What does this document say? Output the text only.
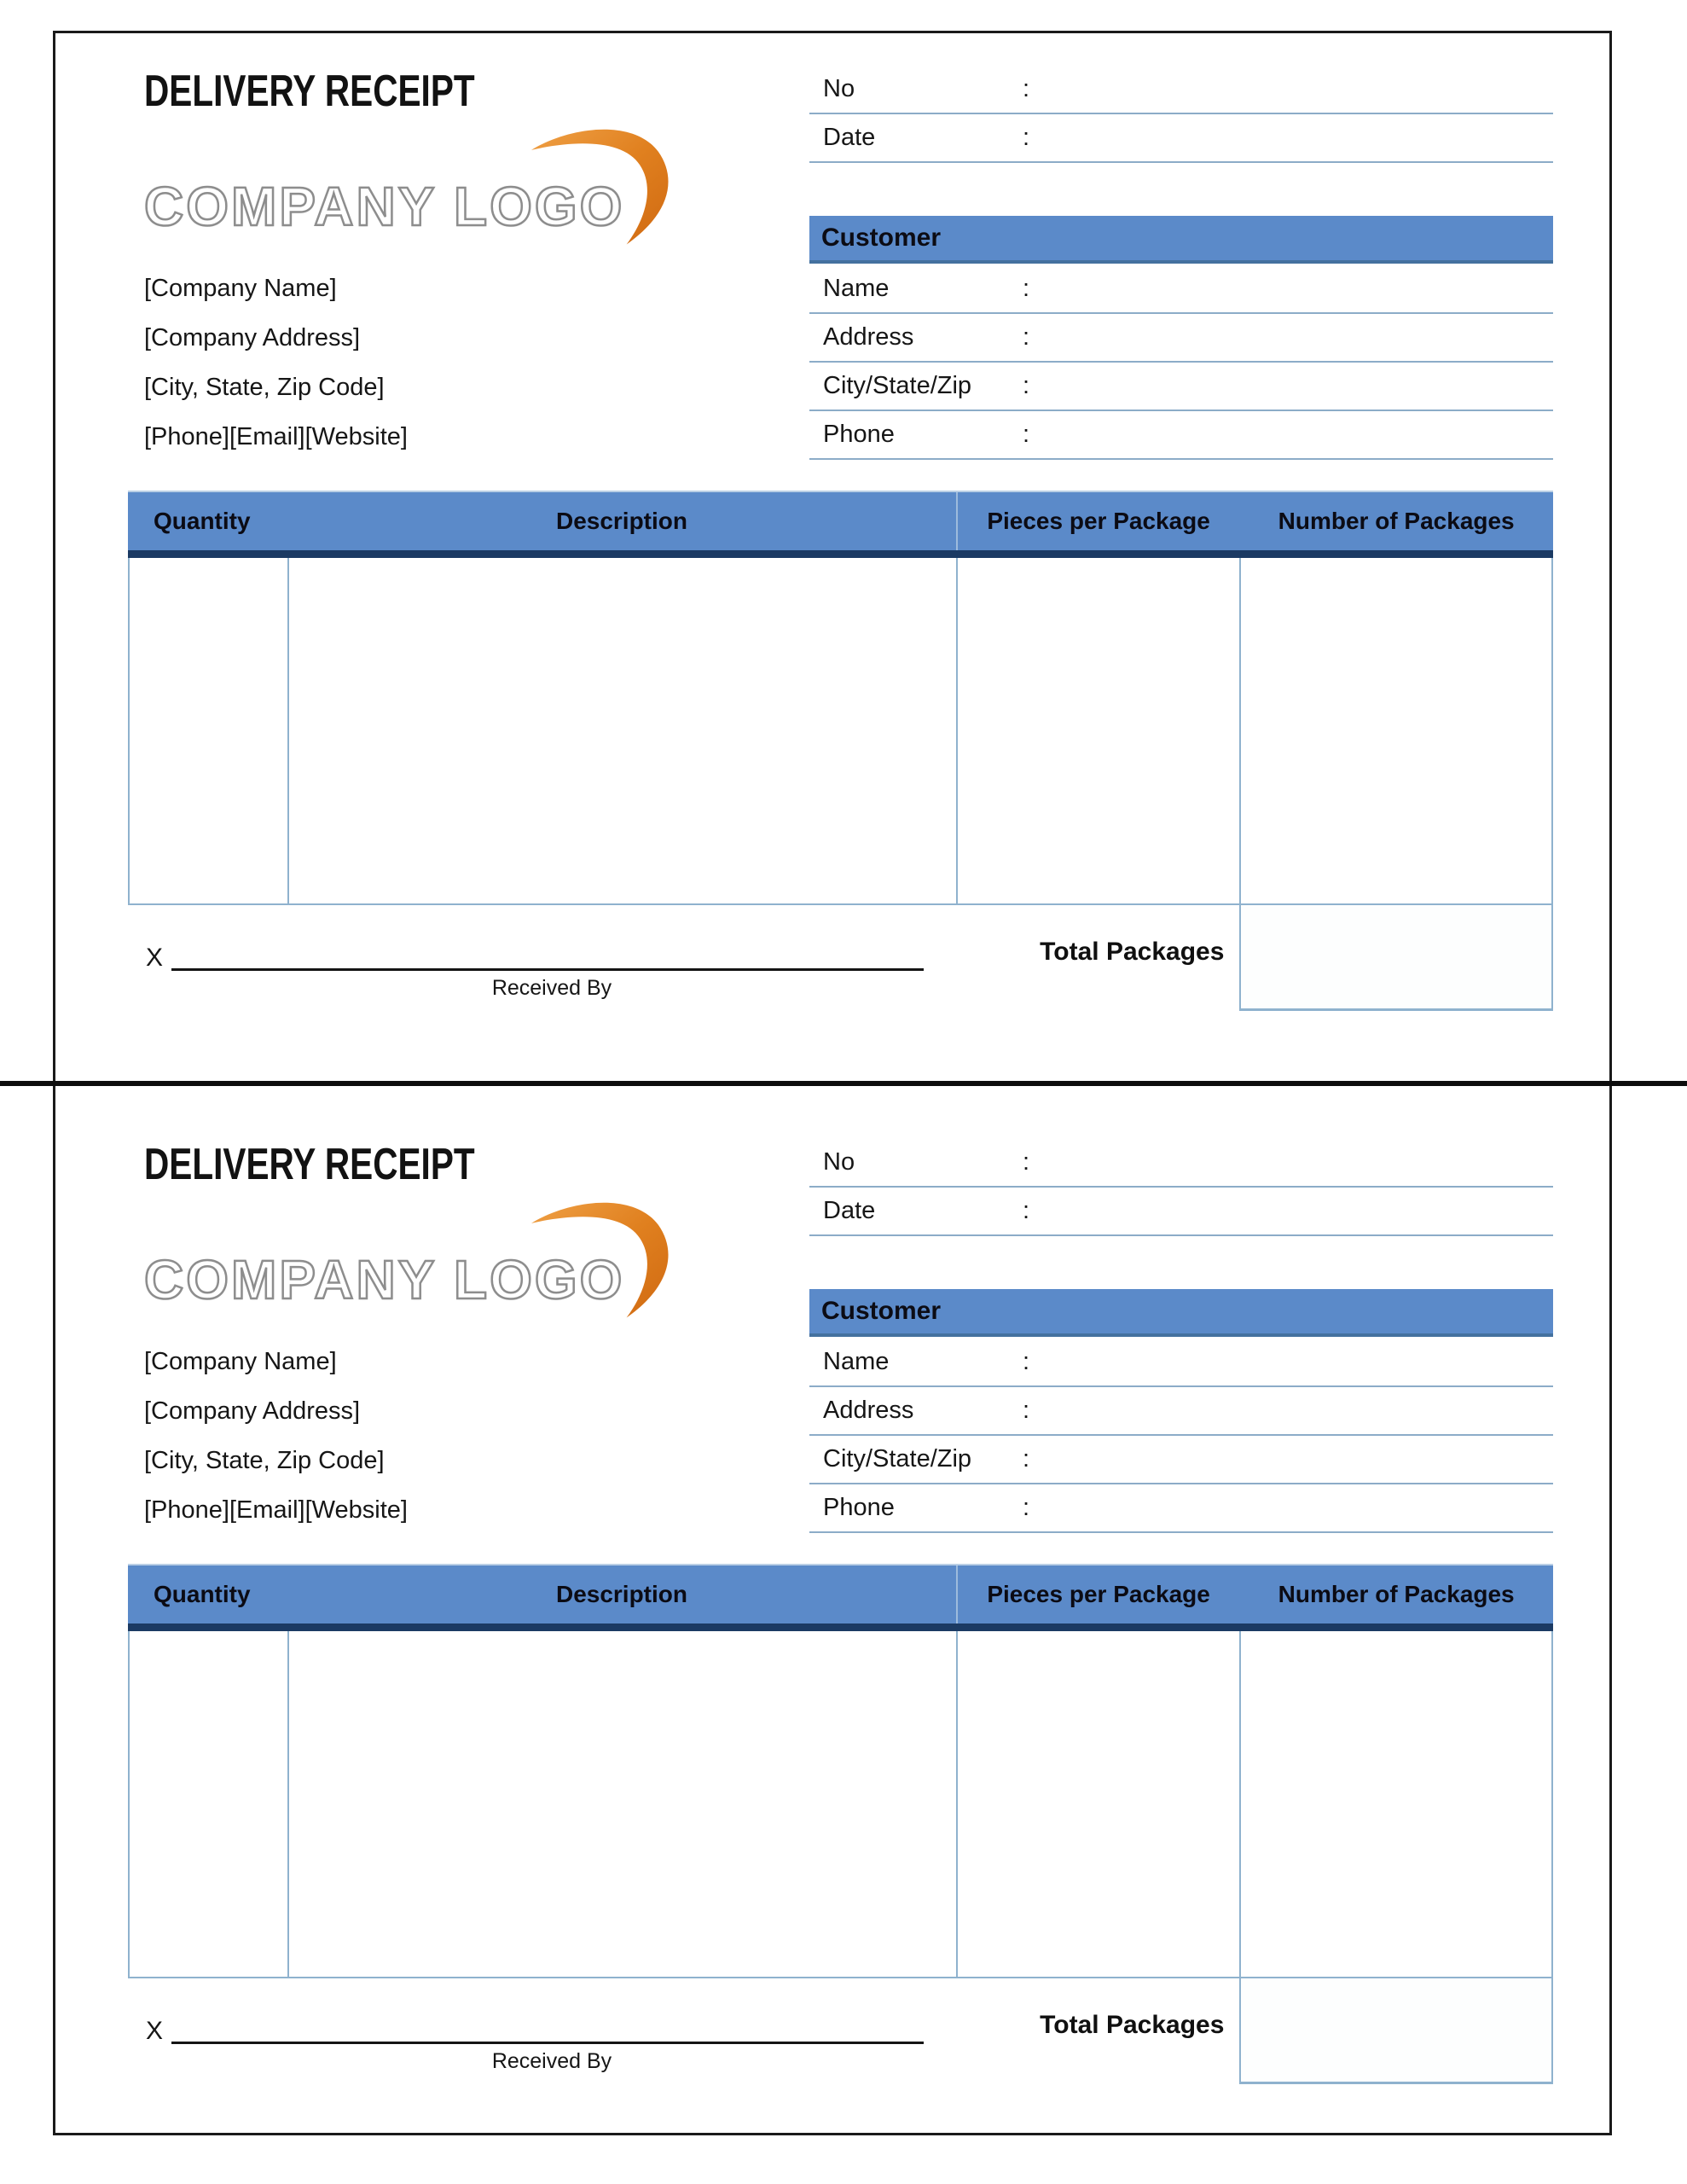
DELIVERY RECEIPT
COMPANY LOGO
[Company Name]
[Company Address]
[City, State, Zip Code]
[Phone][Email][Website]
No	:
Date	:
Customer
Name	:
Address	:
City/State/Zip	:
Phone	:
Quantity	Description	Pieces per Package	Number of Packages
X
Received By
Total Packages
DELIVERY RECEIPT
COMPANY LOGO
[Company Name]
[Company Address]
[City, State, Zip Code]
[Phone][Email][Website]
No	:
Date	:
Customer
Name	:
Address	:
City/State/Zip	:
Phone	:
Quantity	Description	Pieces per Package	Number of Packages
X
Received By
Total Packages
